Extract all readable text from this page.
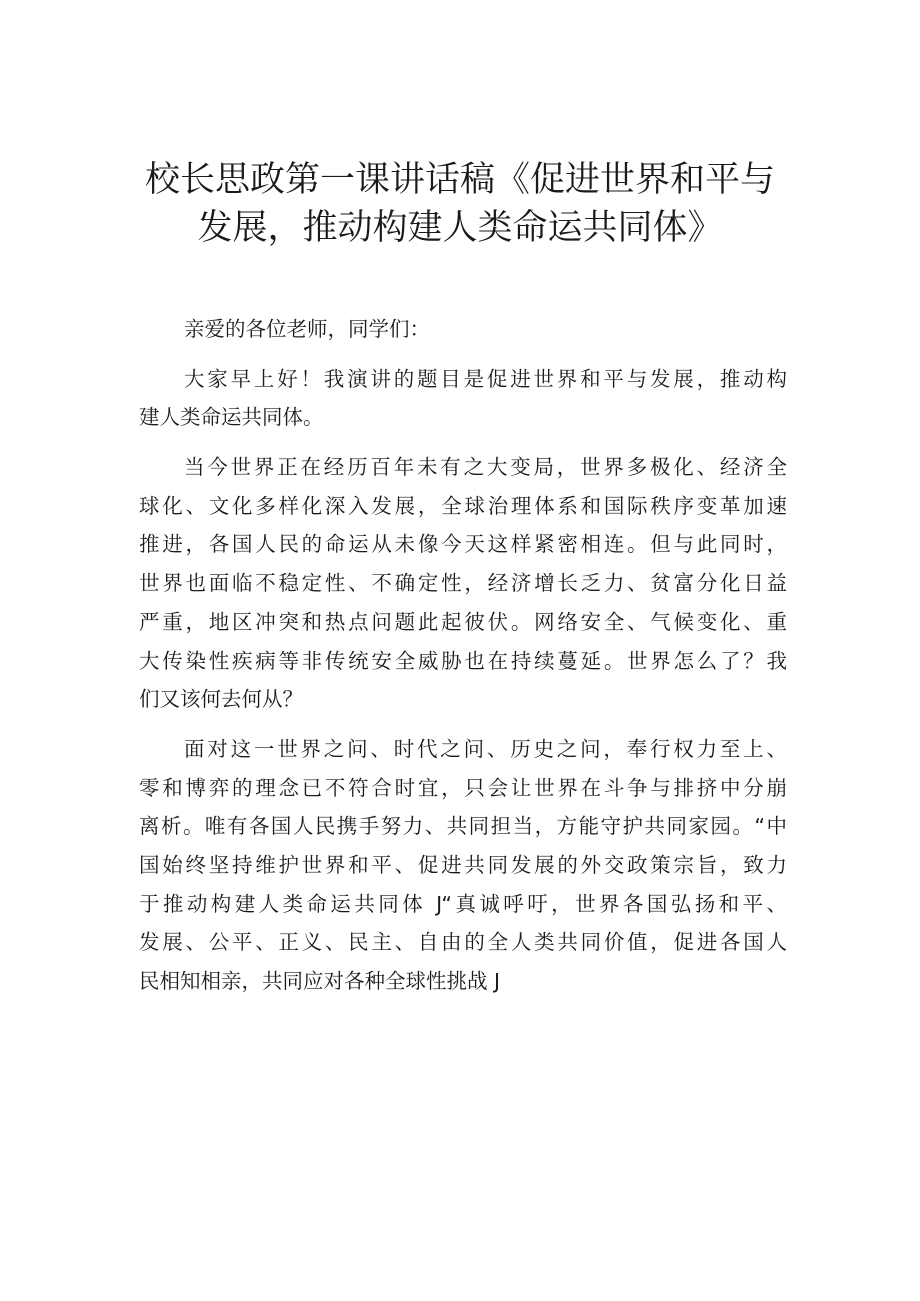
校长思政第一课讲话稿《促进世界和平与
发展，推动构建人类命运共同体》
亲爱的各位老师，同学们：
大家早上好！我演讲的题目是促进世界和平与发展，推动构
建人类命运共同体。
当今世界正在经历百年未有之大变局，世界多极化、经济全
球化、文化多样化深入发展，全球治理体系和国际秩序变革加速
推进，各国人民的命运从未像今天这样紧密相连。但与此同时，
世界也面临不稳定性、不确定性，经济增长乏力、贫富分化日益
严重，地区冲突和热点问题此起彼伏。网络安全、气候变化、重
大传染性疾病等非传统安全威胁也在持续蔓延。世界怎么了？我
们又该何去何从？
面对这一世界之问、时代之问、历史之问，奉行权力至上、
零和博弈的理念已不符合时宜，只会让世界在斗争与排挤中分崩
离析。唯有各国人民携手努力、共同担当，方能守护共同家园。“中
国始终坚持维护世界和平、促进共同发展的外交政策宗旨，致力
于推动构建人类命运共同体 J“真诚呼吁，世界各国弘扬和平、
发展、公平、正义、民主、自由的全人类共同价值，促进各国人
民相知相亲，共同应对各种全球性挑战 J
